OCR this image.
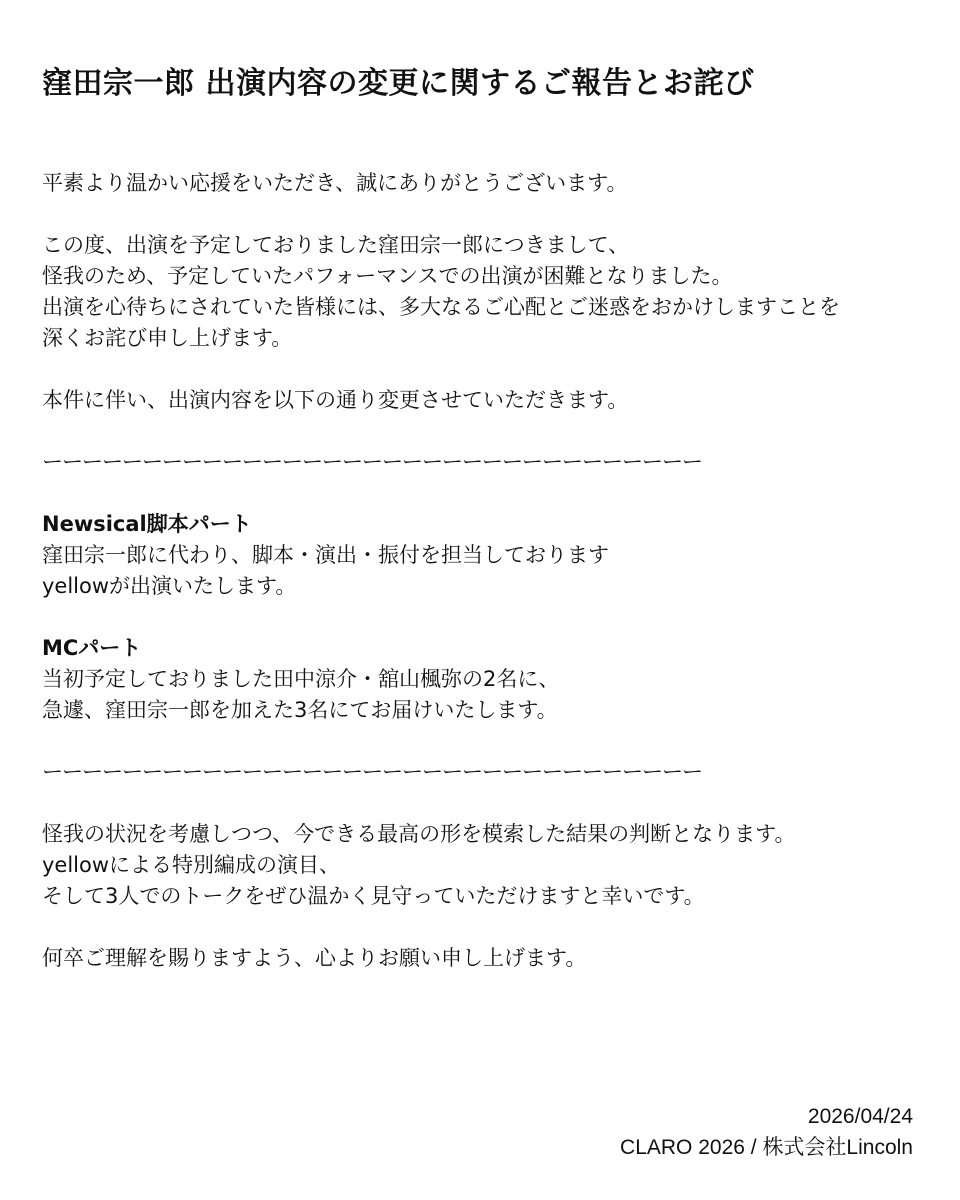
窪田宗一郎 出演内容の変更に関するご報告とお詫び
平素より温かい応援をいただき、誠にありがとうございます。
この度、出演を予定しておりました窪田宗一郎につきまして、
怪我のため、予定していたパフォーマンスでの出演が困難となりました。
出演を心待ちにされていた皆様には、多大なるご心配とご迷惑をおかけしますことを
深くお詫び申し上げます。
本件に伴い、出演内容を以下の通り変更させていただきます。
ーーーーーーーーーーーーーーーーーーーーーーーーーーーーーーーーー
Newsical脚本パート
窪田宗一郎に代わり、脚本・演出・振付を担当しております
yellowが出演いたします。
MCパート
当初予定しておりました田中涼介・舘山楓弥の2名に、
急遽、窪田宗一郎を加えた3名にてお届けいたします。
ーーーーーーーーーーーーーーーーーーーーーーーーーーーーーーーーー
怪我の状況を考慮しつつ、今できる最高の形を模索した結果の判断となります。
yellowによる特別編成の演目、
そして3人でのトークをぜひ温かく見守っていただけますと幸いです。
何卒ご理解を賜りますよう、心よりお願い申し上げます。
2026/04/24
CLARO 2026 / 株式会社Lincoln
